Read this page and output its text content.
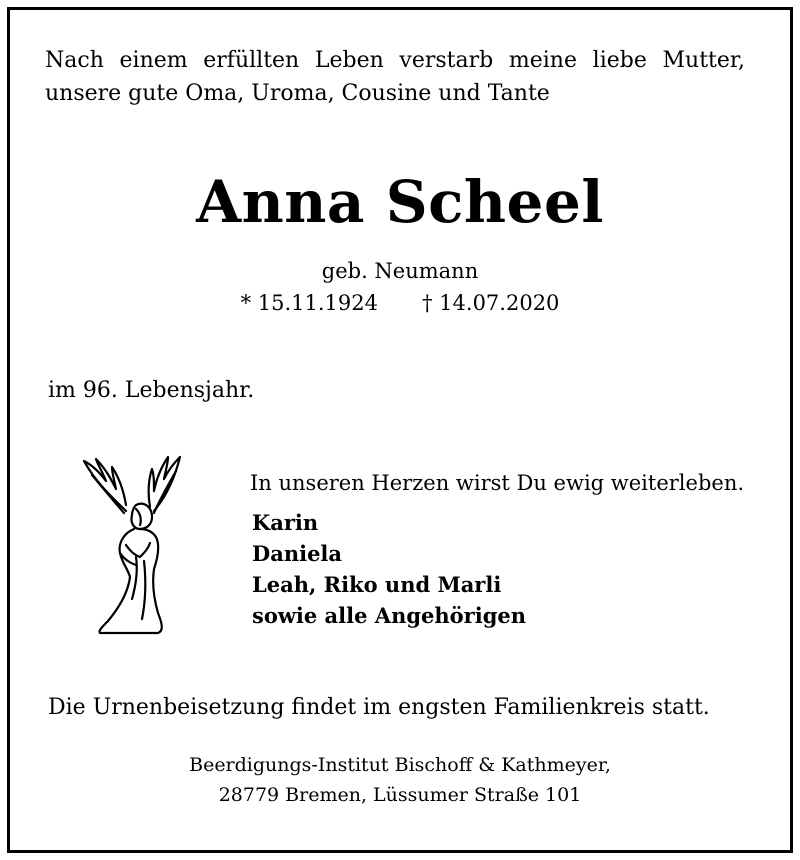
Nach einem erfüllten Leben verstarb meine liebe Mutter,
unsere gute Oma, Uroma, Cousine und Tante
Anna Scheel
geb. Neumann
* 15.11.1924 † 14.07.2020
im 96. Lebensjahr.
In unseren Herzen wirst Du ewig weiterleben.
Karin
Daniela
Leah, Riko und Marli
sowie alle Angehörigen
Die Urnenbeisetzung findet im engsten Familienkreis statt.
Beerdigungs-Institut Bischoff & Kathmeyer,
28779 Bremen, Lüssumer Straße 101
